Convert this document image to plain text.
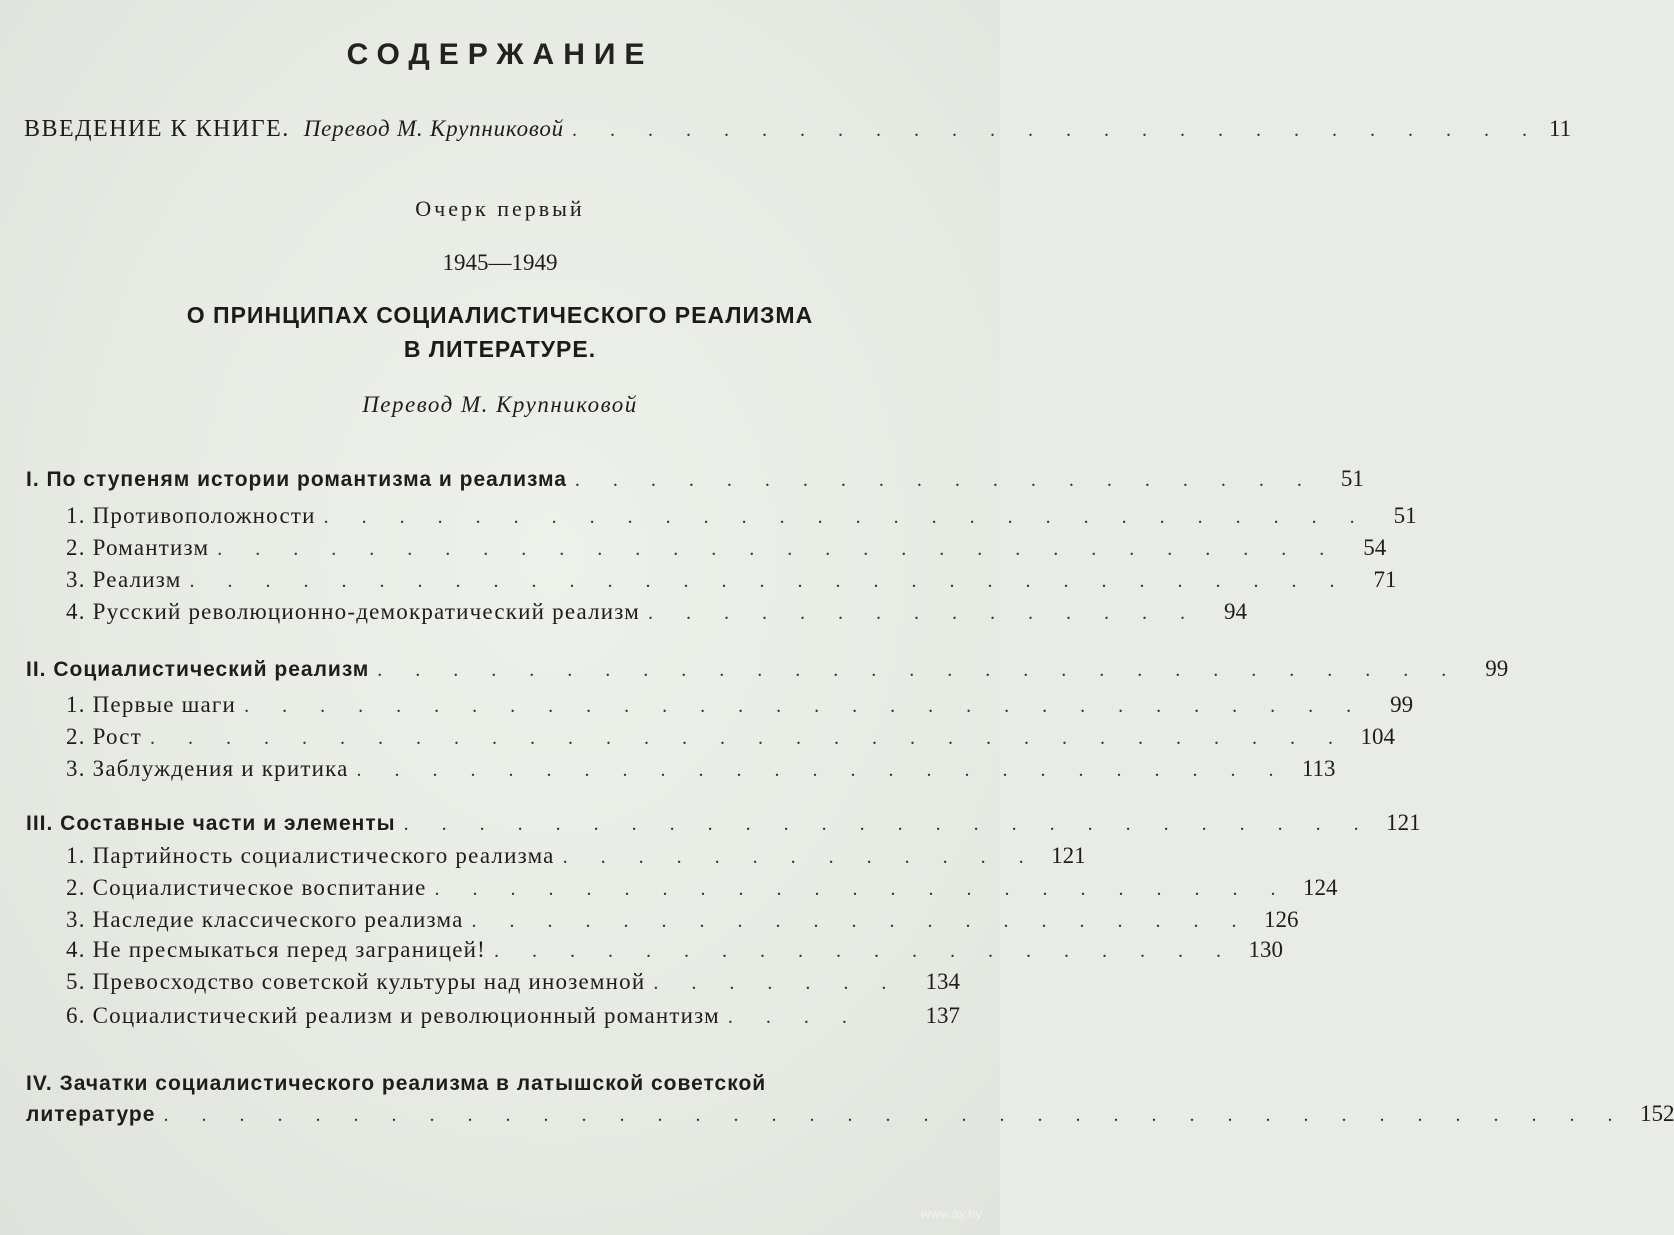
СОДЕРЖАНИЕ
ВВЕДЕНИЕ К КНИГЕ. Перевод М. Крупниковой . . . . . . . . . . . . . . . . . . . . . . . . . . 11
Очерк первый
1945—1949
О ПРИНЦИПАХ СОЦИАЛИСТИЧЕСКОГО РЕАЛИЗМА
В ЛИТЕРАТУРЕ.
Перевод М. Крупниковой
I. По ступеням истории романтизма и реализма . . . . . . . . . . . . . . . . . . . .	51
1. Противоположности . . . . . . . . . . . . . . . . . . . . . . . . . . . .	51
2. Романтизм . . . . . . . . . . . . . . . . . . . . . . . . . . . . . .	54
3. Реализм . . . . . . . . . . . . . . . . . . . . . . . . . . . . . . .	71
4. Русский революционно-демократический реализм . . . . . . . . . . . . . . .	94
II. Социалистический реализм . . . . . . . . . . . . . . . . . . . . . . . . . . . . .	99
1. Первые шаги . . . . . . . . . . . . . . . . . . . . . . . . . . . . . .	99
2. Рост . . . . . . . . . . . . . . . . . . . . . . . . . . . . . . . . 104
3. Заблуждения и критика . . . . . . . . . . . . . . . . . . . . . . . . . 113
III. Составные части и элементы . . . . . . . . . . . . . . . . . . . . . . . . . . 121
1. Партийность социалистического реализма . . . . . . . . . . . . . 121
2. Социалистическое воспитание . . . . . . . . . . . . . . . . . . . . . . . 124
3. Наследие классического реализма . . . . . . . . . . . . . . . . . . . . . 126
4. Не пресмыкаться перед заграницей! . . . . . . . . . . . . . . . . . . . . 130
5. Превосходство советской культуры над иноземной . . . . . . .	134
6. Социалистический реализм и революционный романтизм . . . .	137
IV. Зачатки социалистического реализма в латышской советской
литературе . . . . . . . . . . . . . . . . . . . . . . . . . . . . . . . . . . . . . . . 152
www.ay.by
